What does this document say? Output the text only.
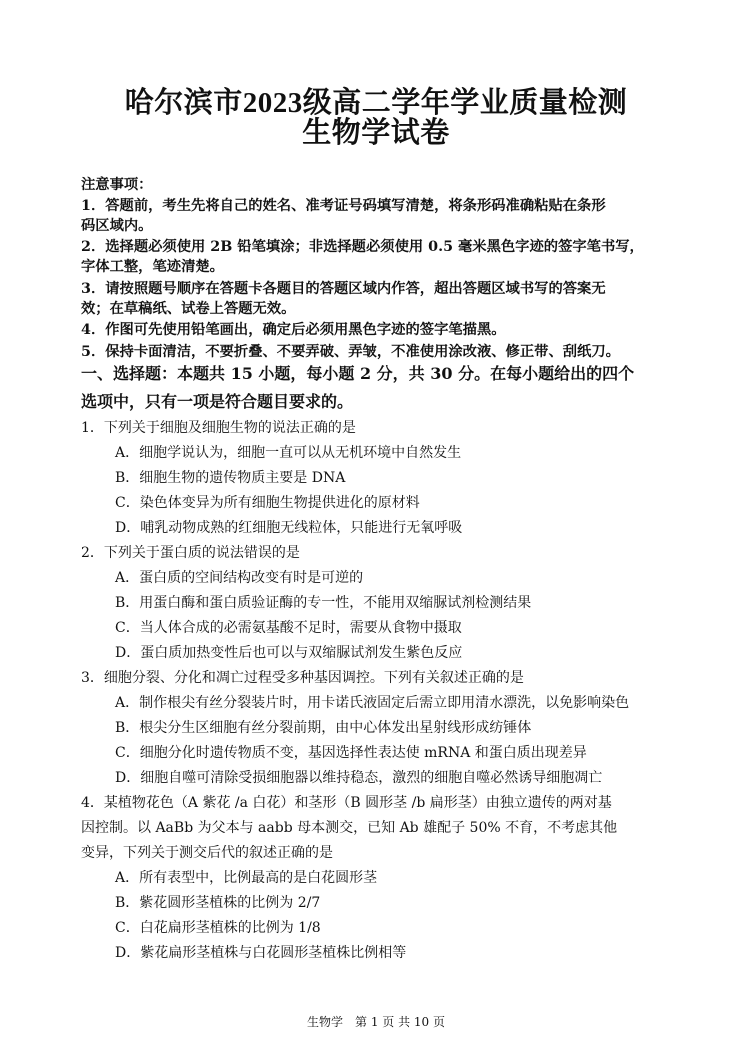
哈尔滨市2023级高二学年学业质量检测
生物学试卷
注意事项：
1．答题前，考生先将自己的姓名、准考证号码填写清楚，将条形码准确粘贴在条形
码区域内。
2．选择题必须使用 2B 铅笔填涂；非选择题必须使用 0.5 毫米黑色字迹的签字笔书写，
字体工整，笔迹清楚。
3．请按照题号顺序在答题卡各题目的答题区域内作答，超出答题区域书写的答案无
效；在草稿纸、试卷上答题无效。
4．作图可先使用铅笔画出，确定后必须用黑色字迹的签字笔描黑。
5．保持卡面清洁，不要折叠、不要弄破、弄皱，不准使用涂改液、修正带、刮纸刀。
一、选择题：本题共 15 小题，每小题 2 分，共 30 分。在每小题给出的四个
选项中，只有一项是符合题目要求的。
1．下列关于细胞及细胞生物的说法正确的是
A．细胞学说认为，细胞一直可以从无机环境中自然发生
B．细胞生物的遗传物质主要是 DNA
C．染色体变异为所有细胞生物提供进化的原材料
D．哺乳动物成熟的红细胞无线粒体，只能进行无氧呼吸
2．下列关于蛋白质的说法错误的是
A．蛋白质的空间结构改变有时是可逆的
B．用蛋白酶和蛋白质验证酶的专一性，不能用双缩脲试剂检测结果
C．当人体合成的必需氨基酸不足时，需要从食物中摄取
D．蛋白质加热变性后也可以与双缩脲试剂发生紫色反应
3．细胞分裂、分化和凋亡过程受多种基因调控。下列有关叙述正确的是
A．制作根尖有丝分裂装片时，用卡诺氏液固定后需立即用清水漂洗，以免影响染色
B．根尖分生区细胞有丝分裂前期，由中心体发出星射线形成纺锤体
C．细胞分化时遗传物质不变，基因选择性表达使 mRNA 和蛋白质出现差异
D．细胞自噬可清除受损细胞器以维持稳态，激烈的细胞自噬必然诱导细胞凋亡
4．某植物花色（A 紫花 /a 白花）和茎形（B 圆形茎 /b 扁形茎）由独立遗传的两对基
因控制。以 AaBb 为父本与 aabb 母本测交，已知 Ab 雄配子 50% 不育，不考虑其他
变异，下列关于测交后代的叙述正确的是
A．所有表型中，比例最高的是白花圆形茎
B．紫花圆形茎植株的比例为 2/7
C．白花扁形茎植株的比例为 1/8
D．紫花扁形茎植株与白花圆形茎植株比例相等
生物学　第 1 页 共 10 页
